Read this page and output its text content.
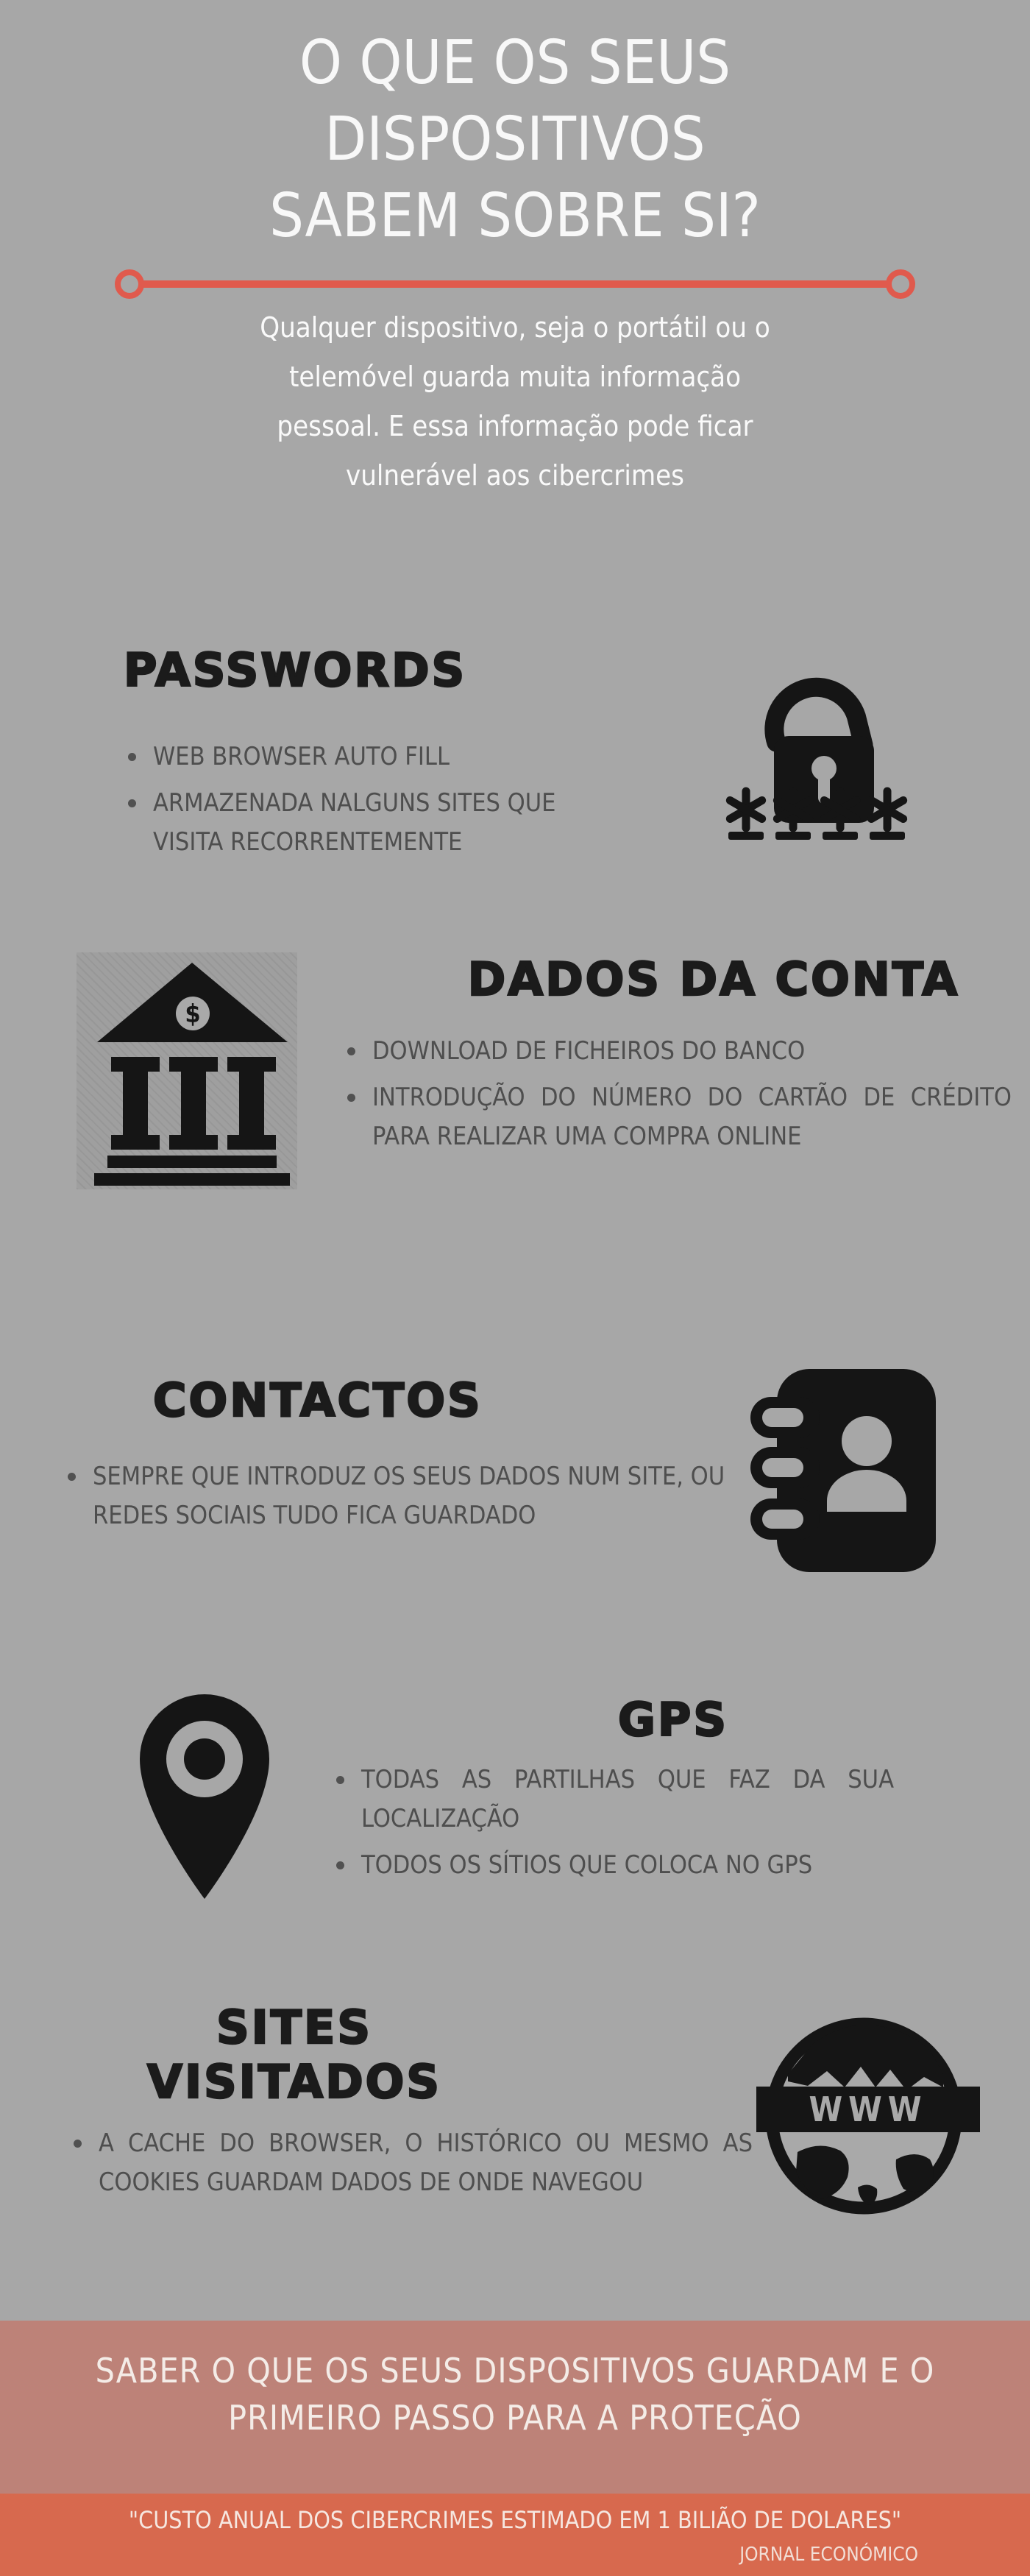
O QUE OS SEUS
DISPOSITIVOS
SABEM SOBRE SI?

Qualquer dispositivo, seja o portátil ou o
telemóvel guarda muita informação
pessoal. E essa informação pode ficar
vulnerável aos cibercrimes

PASSWORDS
WEB BROWSER AUTO FILL
ARMAZENADA NALGUNS SITES QUE VISITA RECORRENTEMENTE
DADOS DA CONTA
DOWNLOAD DE FICHEIROS DO BANCO
INTRODUÇÃO DO NÚMERO DO CARTÃO DE CRÉDITO PARA REALIZAR UMA COMPRA ONLINE
$
CONTACTOS
SEMPRE QUE INTRODUZ OS SEUS DADOS NUM SITE, OU REDES SOCIAIS TUDO FICA GUARDADO
GPS
TODAS AS PARTILHAS QUE FAZ DA SUA LOCALIZAÇÃO
TODOS OS SÍTIOS QUE COLOCA NO GPS
SITES VISITADOS
A CACHE DO BROWSER, O HISTÓRICO OU MESMO AS COOKIES GUARDAM DADOS DE ONDE NAVEGOU
WWW
SABER O QUE OS SEUS DISPOSITIVOS GUARDAM E O
PRIMEIRO PASSO PARA A PROTEÇÃO
"CUSTO ANUAL DOS CIBERCRIMES ESTIMADO EM 1 BILIÃO DE DOLARES"
JORNAL ECONÓMICO
